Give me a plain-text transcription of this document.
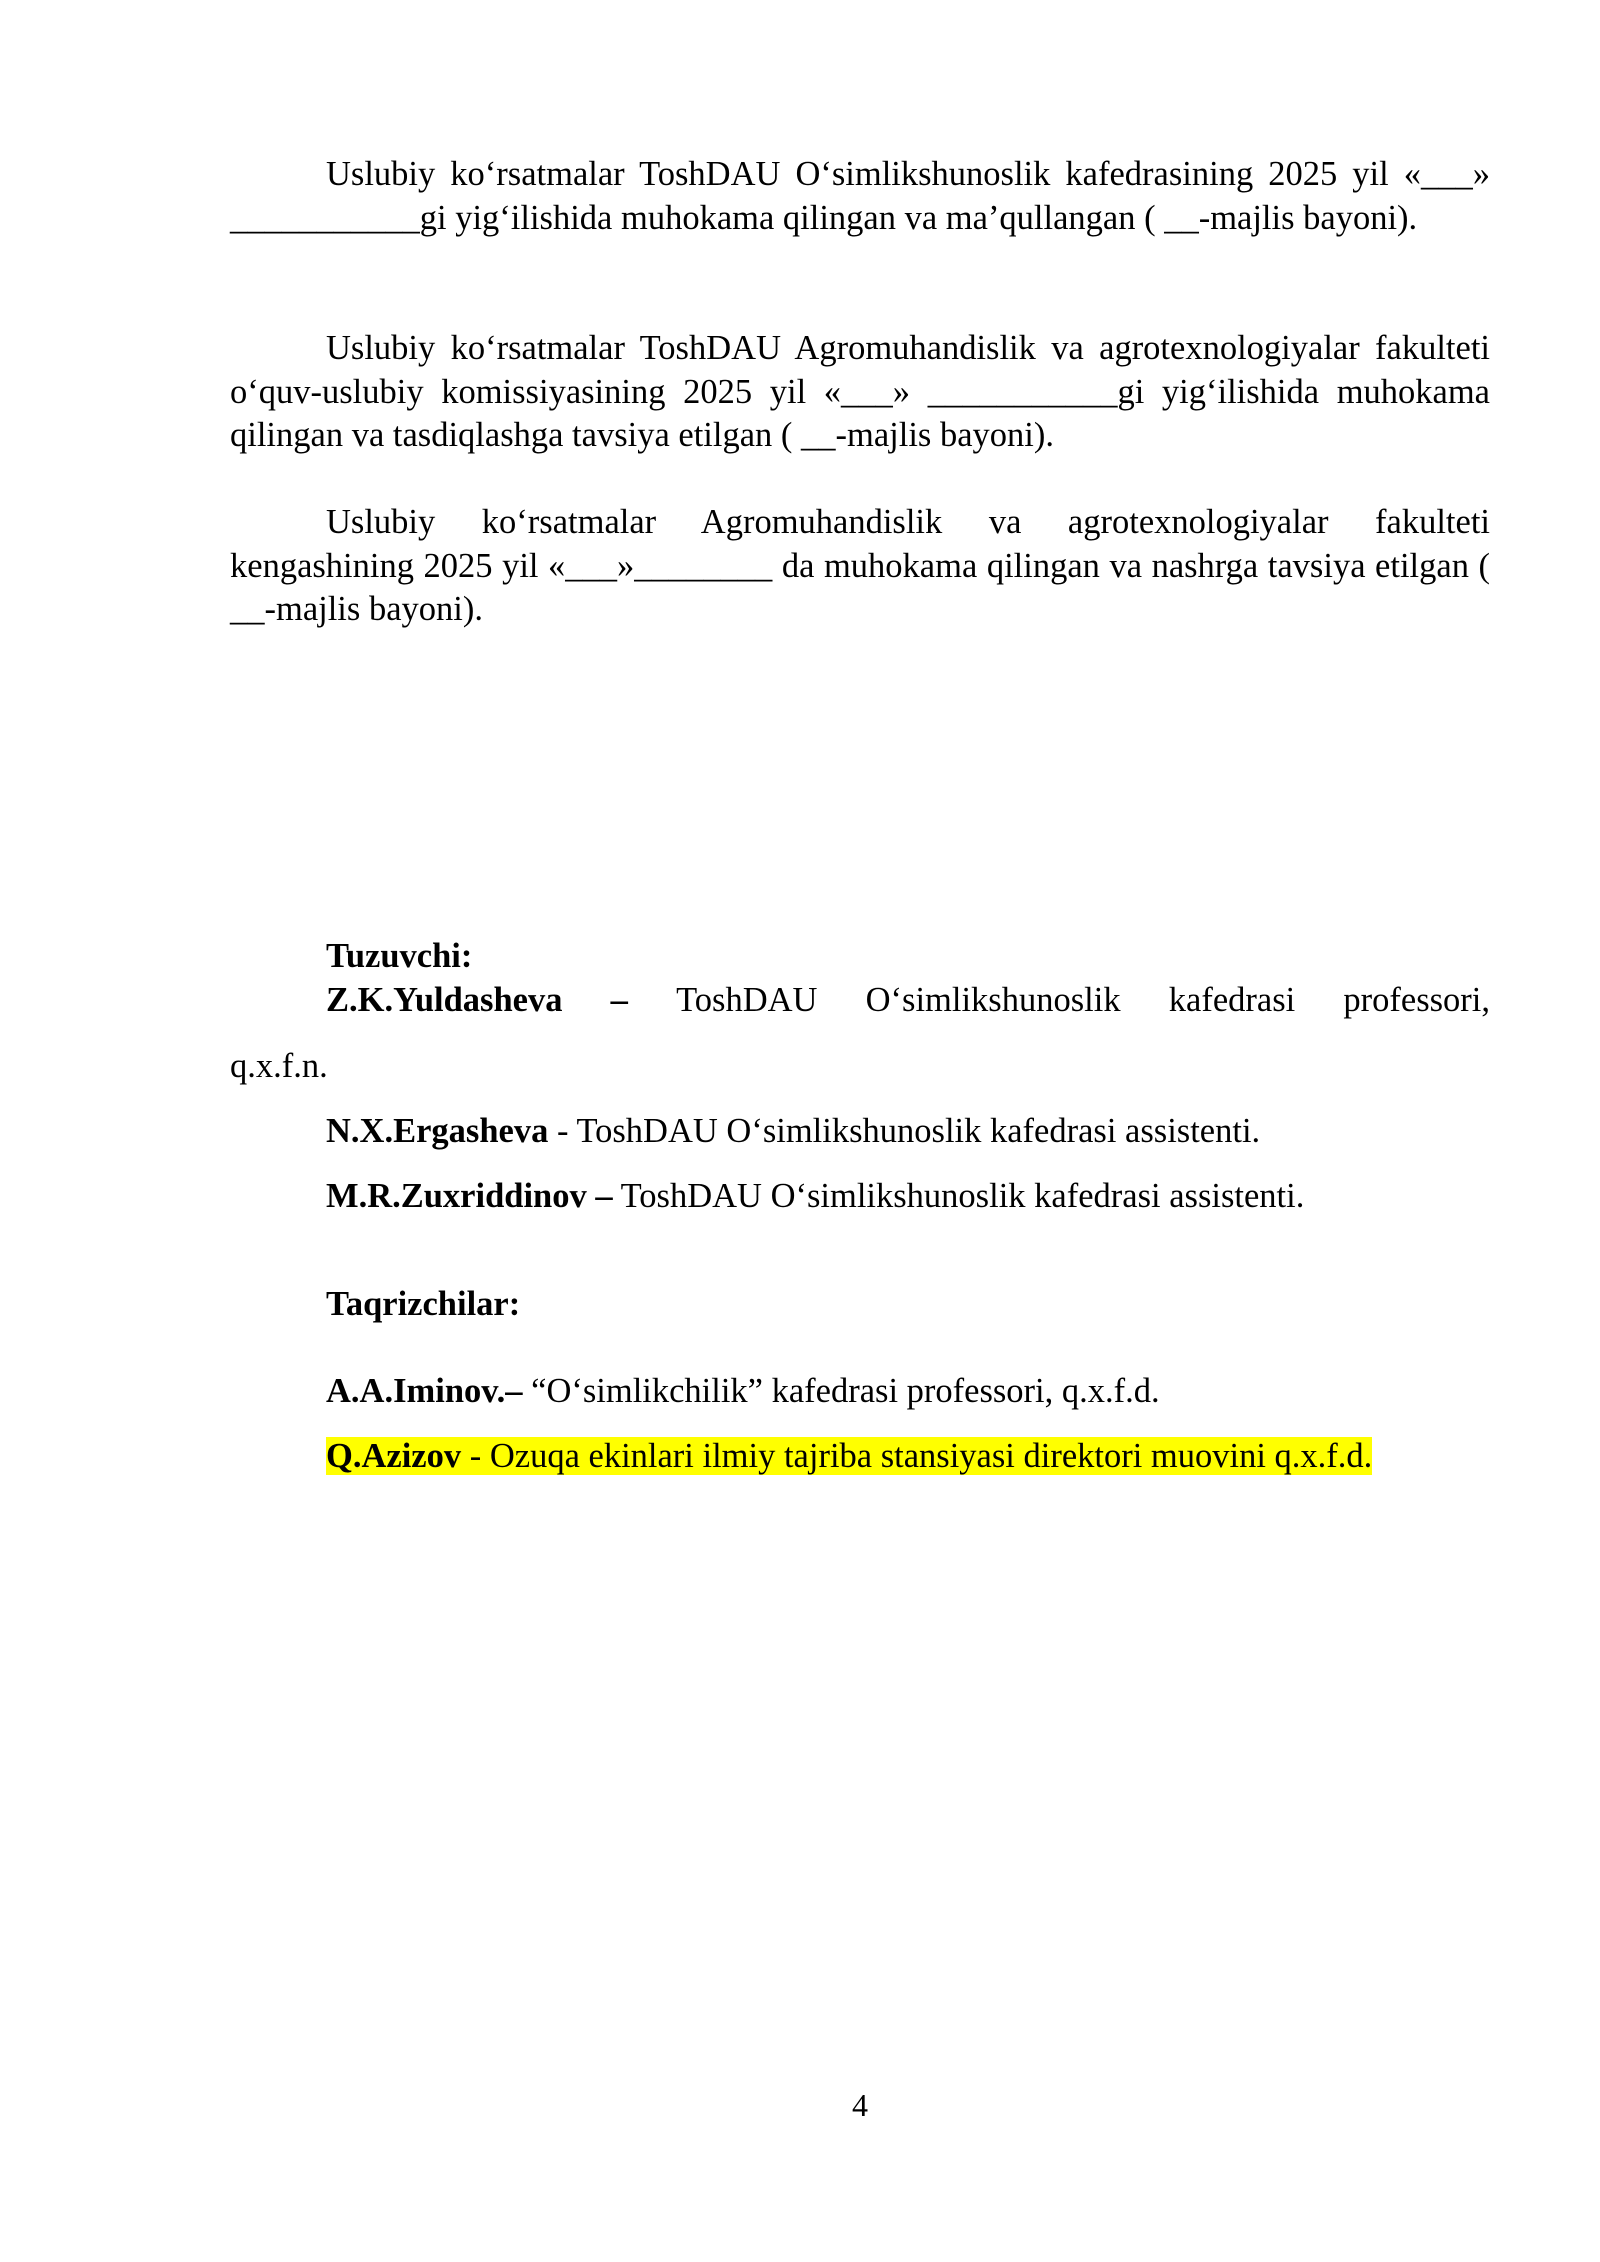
Uslubiy ko‘rsatmalar ToshDAU O‘simlikshunoslik kafedrasining 2025 yil «___» ___________gi yig‘ilishida muhokama qilingan va ma’qullangan ( __-majlis bayoni).

Uslubiy ko‘rsatmalar ToshDAU Agromuhandislik va agrotexnologiyalar fakulteti o‘quv-uslubiy komissiyasining 2025 yil «___» ___________gi yig‘ilishida muhokama qilingan va tasdiqlashga tavsiya etilgan ( __-majlis bayoni).

Uslubiy ko‘rsatmalar Agromuhandislik va agrotexnologiyalar fakulteti kengashining 2025 yil «___»________ da muhokama qilingan va nashrga tavsiya etilgan ( __-majlis bayoni).

Tuzuvchi:
Z.K.Yuldasheva – ToshDAU O‘simlikshunoslik kafedrasi professori,
q.x.f.n.
N.X.Ergasheva - ToshDAU O‘simlikshunoslik kafedrasi assistenti.
M.R.Zuxriddinov – ToshDAU O‘simlikshunoslik kafedrasi assistenti.
Taqrizchilar:
A.A.Iminov.– “O‘simlikchilik” kafedrasi professori, q.x.f.d.
Q.Azizov - Ozuqa ekinlari ilmiy tajriba stansiyasi direktori muovini q.x.f.d.
4
